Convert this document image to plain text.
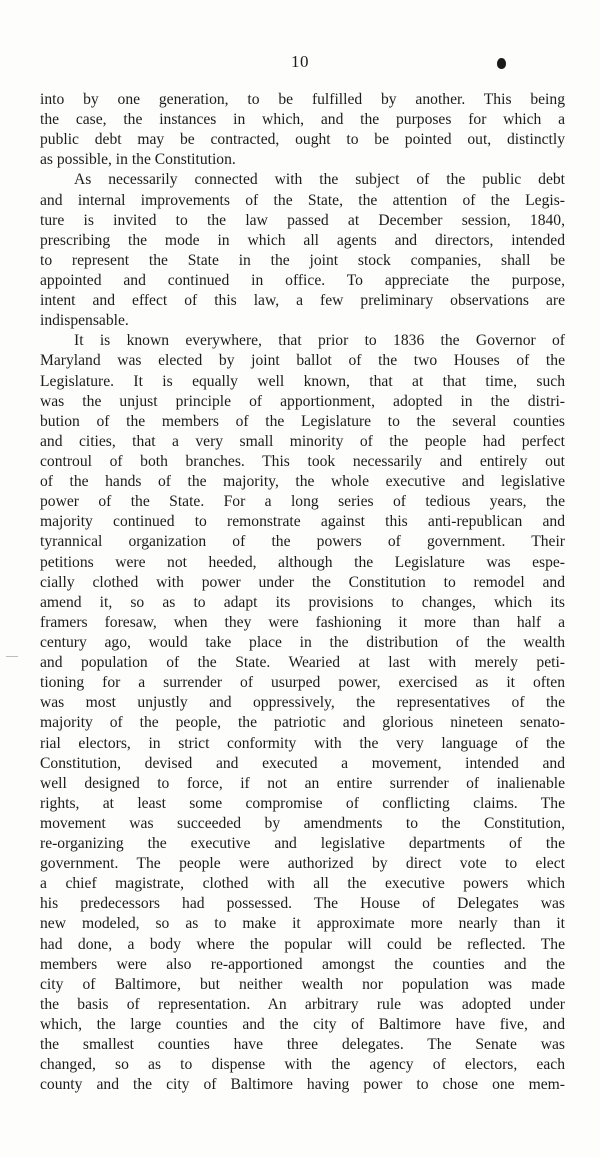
10
into by one generation, to be fulfilled by another. This being
the case, the instances in which, and the purposes for which a
public debt may be contracted, ought to be pointed out, distinctly
as possible, in the Constitution.
As necessarily connected with the subject of the public debt
and internal improvements of the State, the attention of the Legis-
ture is invited to the law passed at December session, 1840,
prescribing the mode in which all agents and directors, intended
to represent the State in the joint stock companies, shall be
appointed and continued in office. To appreciate the purpose,
intent and effect of this law, a few preliminary observations are
indispensable.
It is known everywhere, that prior to 1836 the Governor of
Maryland was elected by joint ballot of the two Houses of the
Legislature. It is equally well known, that at that time, such
was the unjust principle of apportionment, adopted in the distri-
bution of the members of the Legislature to the several counties
and cities, that a very small minority of the people had perfect
controul of both branches. This took necessarily and entirely out
of the hands of the majority, the whole executive and legislative
power of the State. For a long series of tedious years, the
majority continued to remonstrate against this anti-republican and
tyrannical organization of the powers of government. Their
petitions were not heeded, although the Legislature was espe-
cially clothed with power under the Constitution to remodel and
amend it, so as to adapt its provisions to changes, which its
framers foresaw, when they were fashioning it more than half a
century ago, would take place in the distribution of the wealth
and population of the State. Wearied at last with merely peti-
tioning for a surrender of usurped power, exercised as it often
was most unjustly and oppressively, the representatives of the
majority of the people, the patriotic and glorious nineteen senato-
rial electors, in strict conformity with the very language of the
Constitution, devised and executed a movement, intended and
well designed to force, if not an entire surrender of inalienable
rights, at least some compromise of conflicting claims. The
movement was succeeded by amendments to the Constitution,
re-organizing the executive and legislative departments of the
government. The people were authorized by direct vote to elect
a chief magistrate, clothed with all the executive powers which
his predecessors had possessed. The House of Delegates was
new modeled, so as to make it approximate more nearly than it
had done, a body where the popular will could be reflected. The
members were also re-apportioned amongst the counties and the
city of Baltimore, but neither wealth nor population was made
the basis of representation. An arbitrary rule was adopted under
which, the large counties and the city of Baltimore have five, and
the smallest counties have three delegates. The Senate was
changed, so as to dispense with the agency of electors, each
county and the city of Baltimore having power to chose one mem-
